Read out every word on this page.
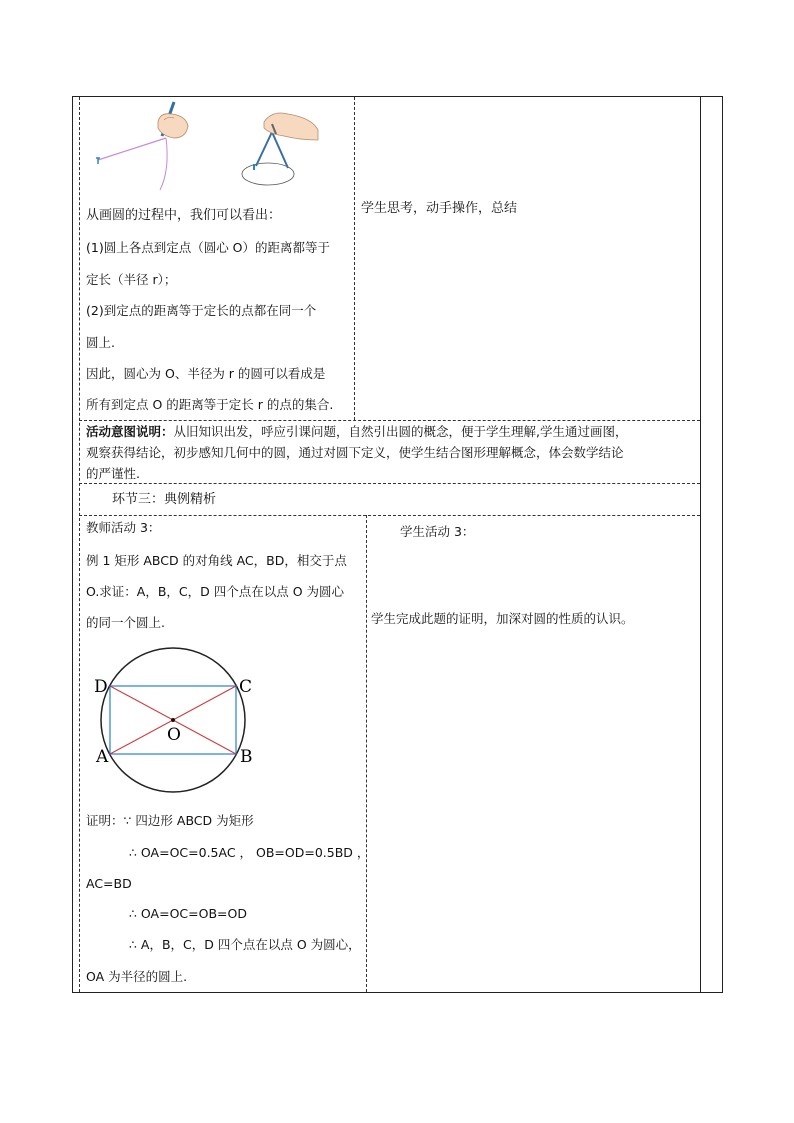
从画圆的过程中，我们可以看出：
(1)圆上各点到定点（圆心 O）的距离都等于
定长（半径 r）；
(2)到定点的距离等于定长的点都在同一个
圆上.
因此，圆心为 O、半径为 r 的圆可以看成是
所有到定点 O 的距离等于定长 r 的点的集合.
学生思考，动手操作，总结
活动意图说明：从旧知识出发，呼应引课问题，自然引出圆的概念，便于学生理解,学生通过画图，
观察获得结论，初步感知几何中的圆，通过对圆下定义，使学生结合图形理解概念，体会数学结论
的严谨性.
环节三：典例精析
教师活动 3：
例 1 矩形 ABCD 的对角线 AC，BD，相交于点
O.求证：A，B，C，D 四个点在以点 O 为圆心
的同一个圆上.
D	C
A	B
O
证明：∵ 四边形 ABCD 为矩形
∴ OA=OC=0.5AC ， OB=OD=0.5BD ，
AC=BD
∴ OA=OC=OB=OD
∴ A，B，C，D 四个点在以点 O 为圆心，
OA 为半径的圆上.
学生活动 3：
学生完成此题的证明，加深对圆的性质的认识。
